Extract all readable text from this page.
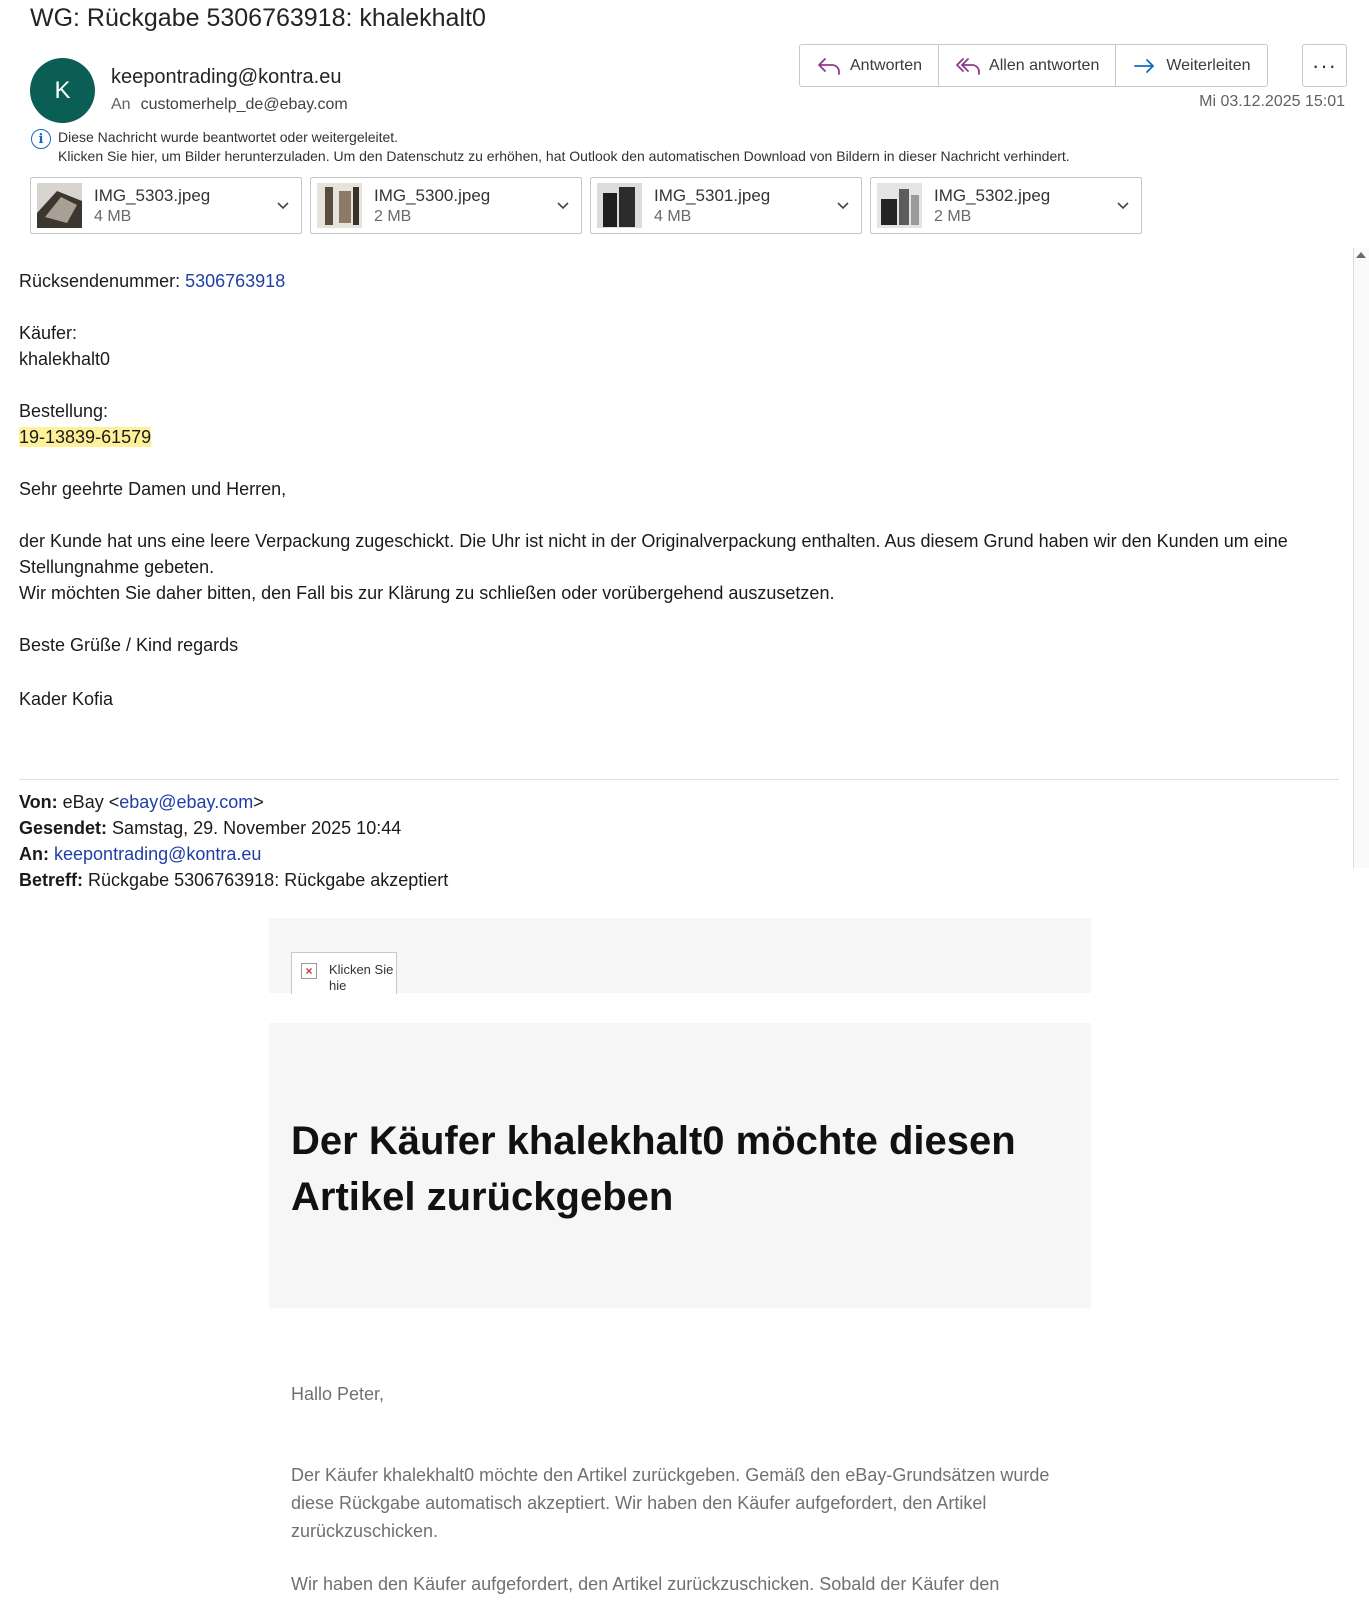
WG: Rückgabe 5306763918: khalekhalt0
K keepontrading@kontra.eu
An customerhelp_de@ebay.com
Antworten	Allen antworten	Weiterleiten	···
Mi 03.12.2025 15:01
i	Diese Nachricht wurde beantwortet oder weitergeleitet.
Klicken Sie hier, um Bilder herunterzuladen. Um den Datenschutz zu erhöhen, hat Outlook den automatischen Download von Bildern in dieser Nachricht verhindert.
IMG_5303.jpeg
4 MB
IMG_5300.jpeg
2 MB
IMG_5301.jpeg
4 MB
IMG_5302.jpeg
2 MB

Rücksendenummer: 5306763918

Käufer:

khalekhalt0

Bestellung:

19-13839-61579

Sehr geehrte Damen und Herren,

der Kunde hat uns eine leere Verpackung zugeschickt. Die Uhr ist nicht in der Originalverpackung enthalten. Aus diesem Grund haben wir den Kunden um eine Stellungnahme gebeten.

Wir möchten Sie daher bitten, den Fall bis zur Klärung zu schließen oder vorübergehend auszusetzen.

Beste Grüße / Kind regards

Kader Kofia

Von: eBay <ebay@ebay.com>
Gesendet: Samstag, 29. November 2025 10:44
An: keepontrading@kontra.eu
Betreff: Rückgabe 5306763918: Rückgabe akzeptiert
×	Klicken Sie hie
Der Käufer khalekhalt0 möchte diesen Artikel zurückgeben

Hallo Peter,

Der Käufer khalekhalt0 möchte den Artikel zurückgeben. Gemäß den eBay-Grundsätzen wurde diese Rückgabe automatisch akzeptiert. Wir haben den Käufer aufgefordert, den Artikel zurückzuschicken.

Wir haben den Käufer aufgefordert, den Artikel zurückzuschicken. Sobald der Käufer den
